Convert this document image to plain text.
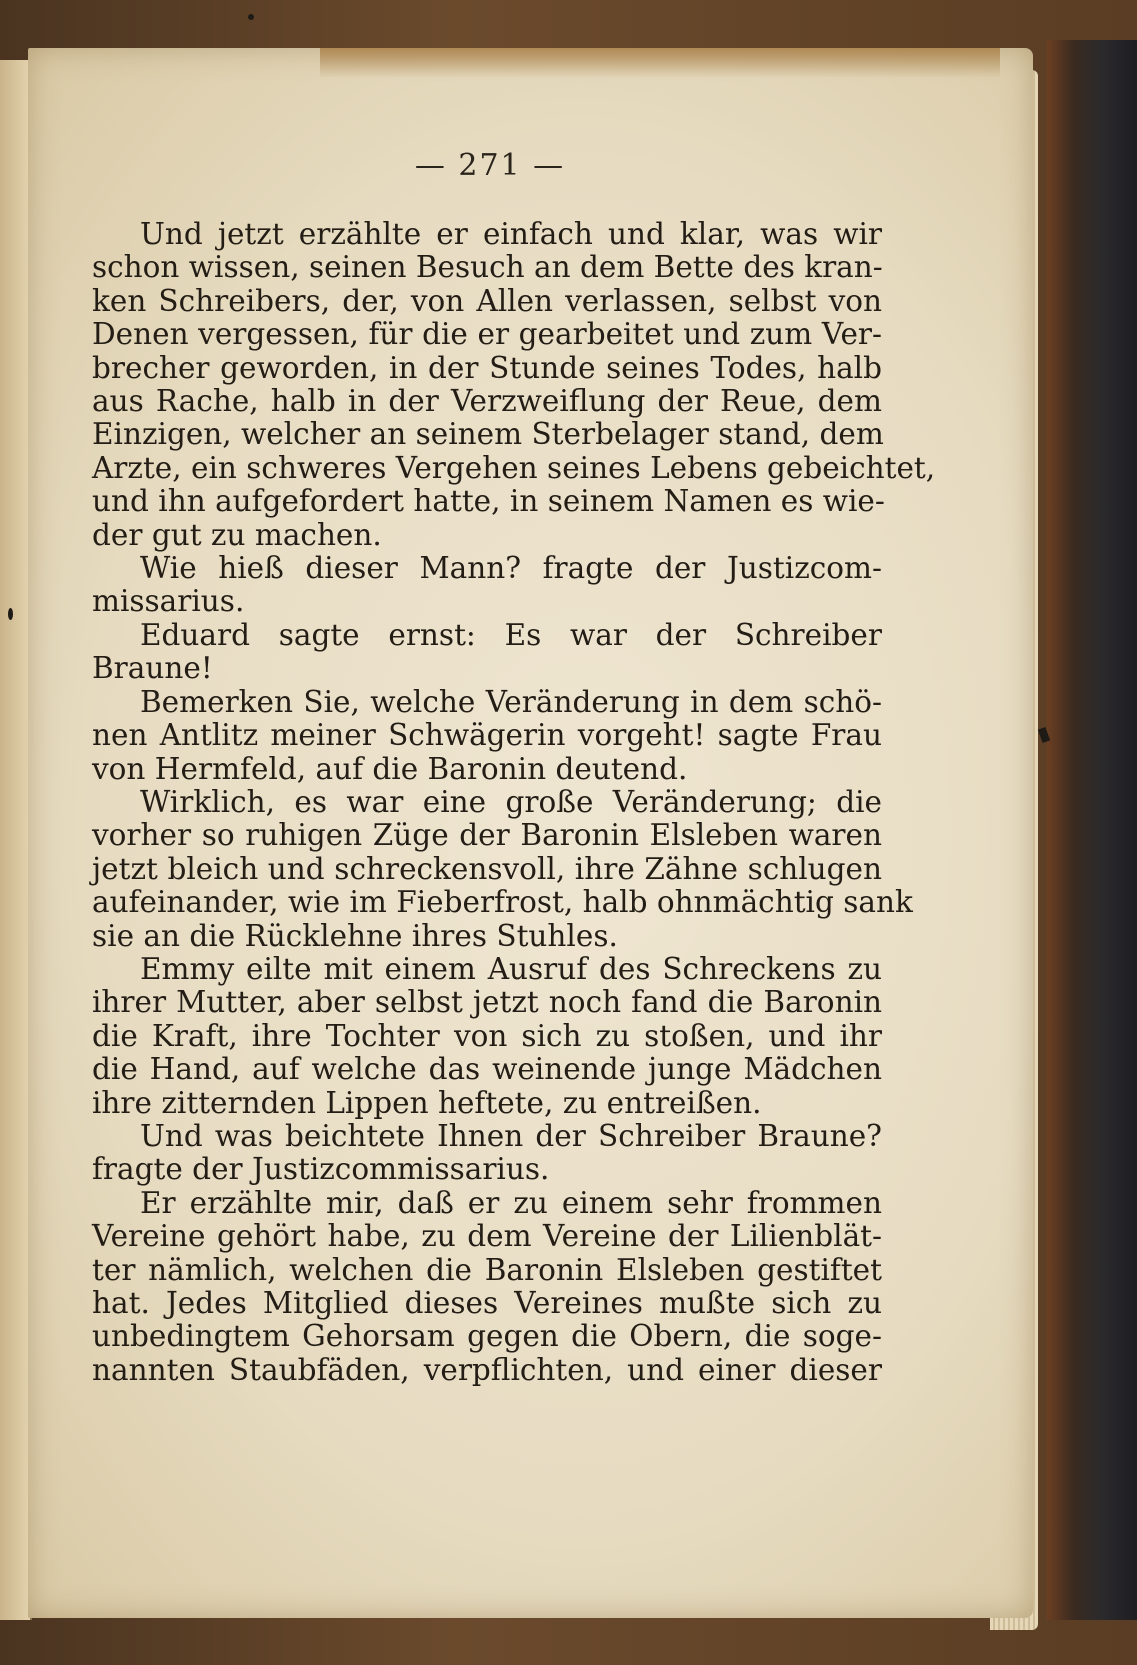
— 271 —
Und jetzt erzählte er einfach und klar, was wir
schon wissen, seinen Besuch an dem Bette des kran-
ken Schreibers, der, von Allen verlassen, selbst von
Denen vergessen, für die er gearbeitet und zum Ver-
brecher geworden, in der Stunde seines Todes, halb
aus Rache, halb in der Verzweiflung der Reue, dem
Einzigen, welcher an seinem Sterbelager stand, dem
Arzte, ein schweres Vergehen seines Lebens gebeichtet,
und ihn aufgefordert hatte, in seinem Namen es wie-
der gut zu machen.
Wie hieß dieser Mann? fragte der Justizcom-
missarius.
Eduard sagte ernst: Es war der Schreiber
Braune!
Bemerken Sie, welche Veränderung in dem schö-
nen Antlitz meiner Schwägerin vorgeht! sagte Frau
von Hermfeld, auf die Baronin deutend.
Wirklich, es war eine große Veränderung; die
vorher so ruhigen Züge der Baronin Elsleben waren
jetzt bleich und schreckensvoll, ihre Zähne schlugen
aufeinander, wie im Fieberfrost, halb ohnmächtig sank
sie an die Rücklehne ihres Stuhles.
Emmy eilte mit einem Ausruf des Schreckens zu
ihrer Mutter, aber selbst jetzt noch fand die Baronin
die Kraft, ihre Tochter von sich zu stoßen, und ihr
die Hand, auf welche das weinende junge Mädchen
ihre zitternden Lippen heftete, zu entreißen.
Und was beichtete Ihnen der Schreiber Braune?
fragte der Justizcommissarius.
Er erzählte mir, daß er zu einem sehr frommen
Vereine gehört habe, zu dem Vereine der Lilienblät-
ter nämlich, welchen die Baronin Elsleben gestiftet
hat. Jedes Mitglied dieses Vereines mußte sich zu
unbedingtem Gehorsam gegen die Obern, die soge-
nannten Staubfäden, verpflichten, und einer dieser
